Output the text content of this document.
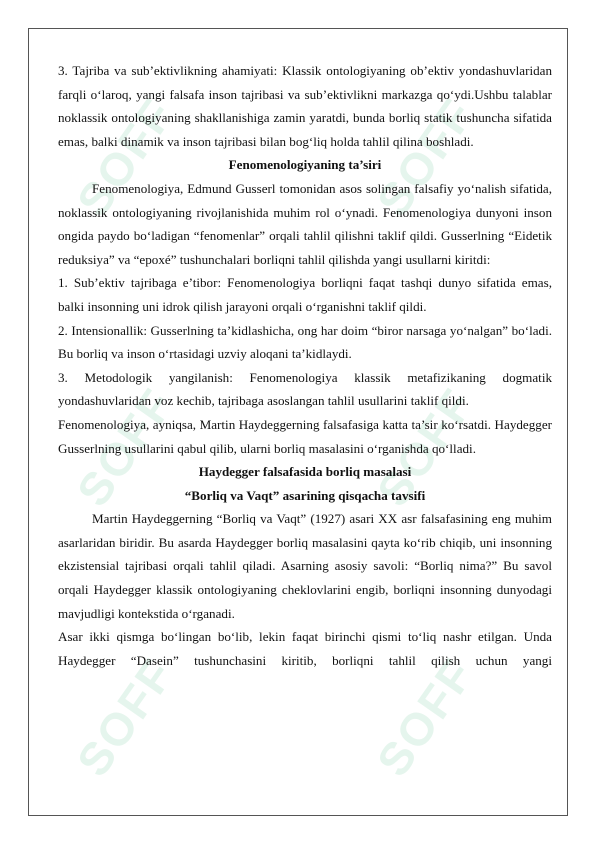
SOFF	SOFF
SOFF	SOFF
SOFF	SOFF

3. Tajriba va sub’ektivlikning ahamiyati: Klassik ontologiyaning ob’ektiv yondashuvlaridan farqli o‘laroq, yangi falsafa inson tajribasi va sub’ektivlikni markazga qo‘ydi.Ushbu talablar noklassik ontologiyaning shakllanishiga zamin yaratdi, bunda borliq statik tushuncha sifatida emas, balki dinamik va inson tajribasi bilan bog‘liq holda tahlil qilina boshladi.

Fenomenologiyaning ta’siri

Fenomenologiya, Edmund Gusserl tomonidan asos solingan falsafiy yo‘nalish sifatida, noklassik ontologiyaning rivojlanishida muhim rol o‘ynadi. Fenomenologiya dunyoni inson ongida paydo bo‘ladigan “fenomenlar” orqali tahlil qilishni taklif qildi. Gusserlning “Eidetik reduksiya” va “epoxé” tushunchalari borliqni tahlil qilishda yangi usullarni kiritdi:

1. Sub’ektiv tajribaga e’tibor: Fenomenologiya borliqni faqat tashqi dunyo sifatida emas, balki insonning uni idrok qilish jarayoni orqali o‘rganishni taklif qildi.

2. Intensionallik: Gusserlning ta’kidlashicha, ong har doim “biror narsaga yo‘nalgan” bo‘ladi. Bu borliq va inson o‘rtasidagi uzviy aloqani ta’kidlaydi.

3. Metodologik yangilanish: Fenomenologiya klassik metafizikaning dogmatik yondashuvlaridan voz kechib, tajribaga asoslangan tahlil usullarini taklif qildi.

Fenomenologiya, ayniqsa, Martin Haydeggerning falsafasiga katta ta’sir ko‘rsatdi. Haydegger Gusserlning usullarini qabul qilib, ularni borliq masalasini o‘rganishda qo‘lladi.

Haydegger falsafasida borliq masalasi

“Borliq va Vaqt” asarining qisqacha tavsifi

Martin Haydeggerning “Borliq va Vaqt” (1927) asari XX asr falsafasining eng muhim asarlaridan biridir. Bu asarda Haydegger borliq masalasini qayta ko‘rib chiqib, uni insonning ekzistensial tajribasi orqali tahlil qiladi. Asarning asosiy savoli: “Borliq nima?” Bu savol orqali Haydegger klassik ontologiyaning cheklovlarini engib, borliqni insonning dunyodagi mavjudligi kontekstida o‘rganadi.

Asar ikki qismga bo‘lingan bo‘lib, lekin faqat birinchi qismi to‘liq nashr etilgan. Unda Haydegger “Dasein” tushunchasini kiritib, borliqni tahlil qilish uchun yangi
